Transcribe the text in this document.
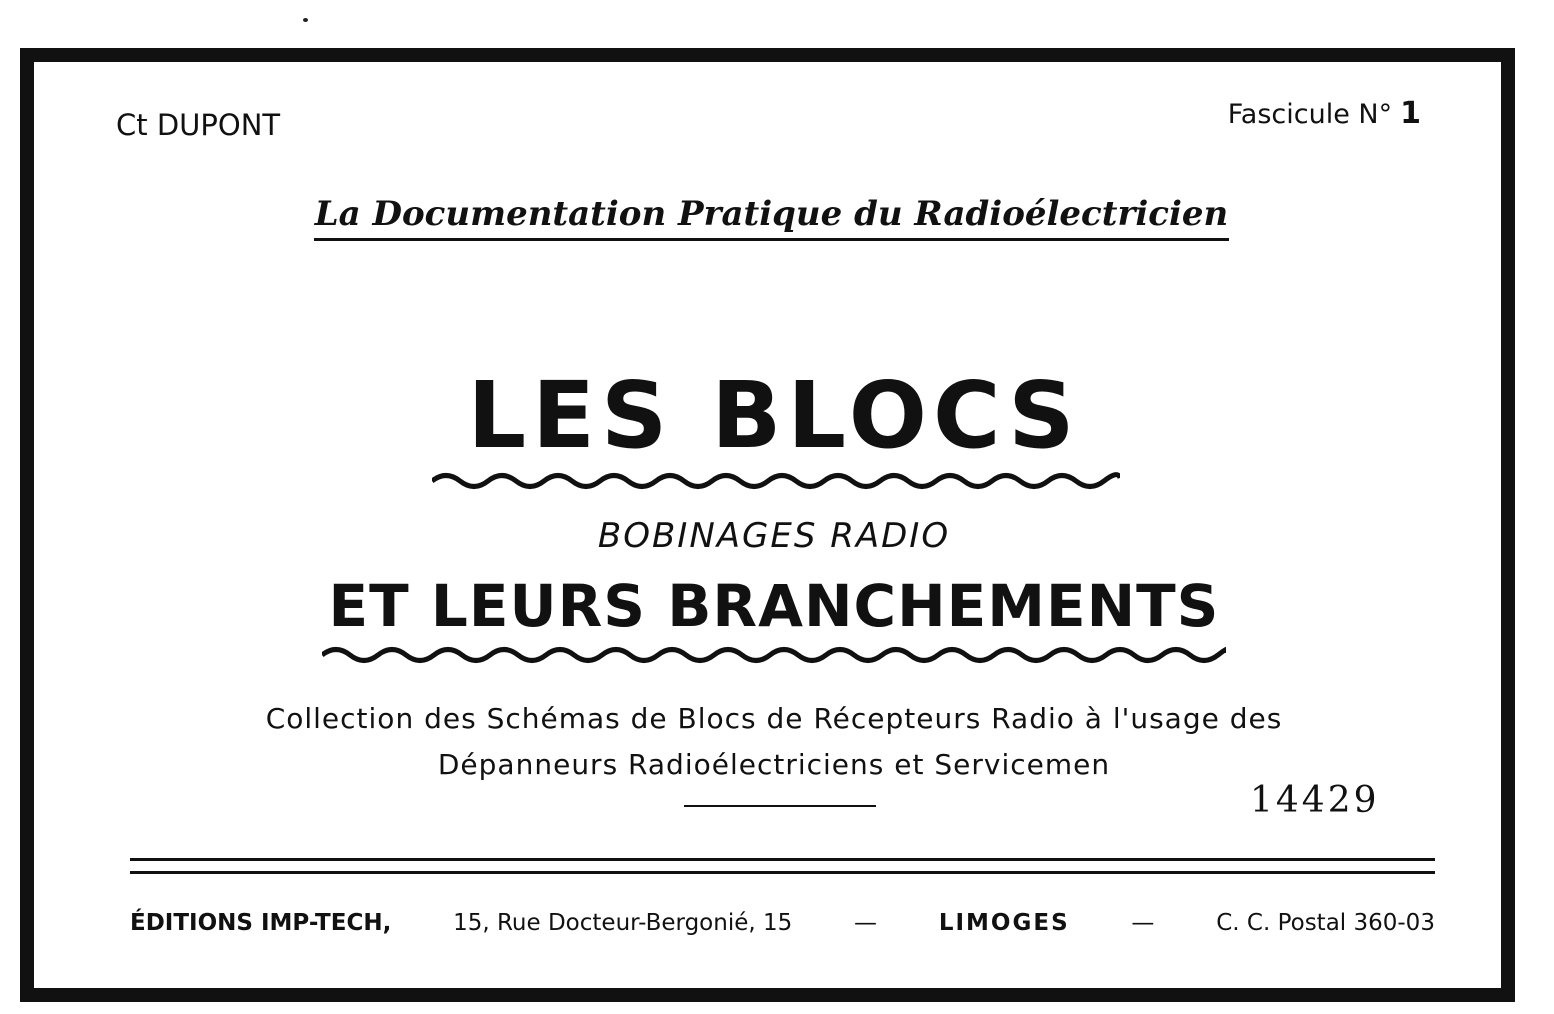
Ct DUPONT	Fascicule N° 1
La Documentation Pratique du Radioélectricien
LES BLOCS
BOBINAGES RADIO
ET LEURS BRANCHEMENTS
Collection des Schémas de Blocs de Récepteurs Radio à l'usage des
Dépanneurs Radioélectriciens et Servicemen
14429
ÉDITIONS IMP-TECH,	15, Rue Docteur-Bergonié, 15	—	LIMOGES	—	C. C. Postal 360-03
